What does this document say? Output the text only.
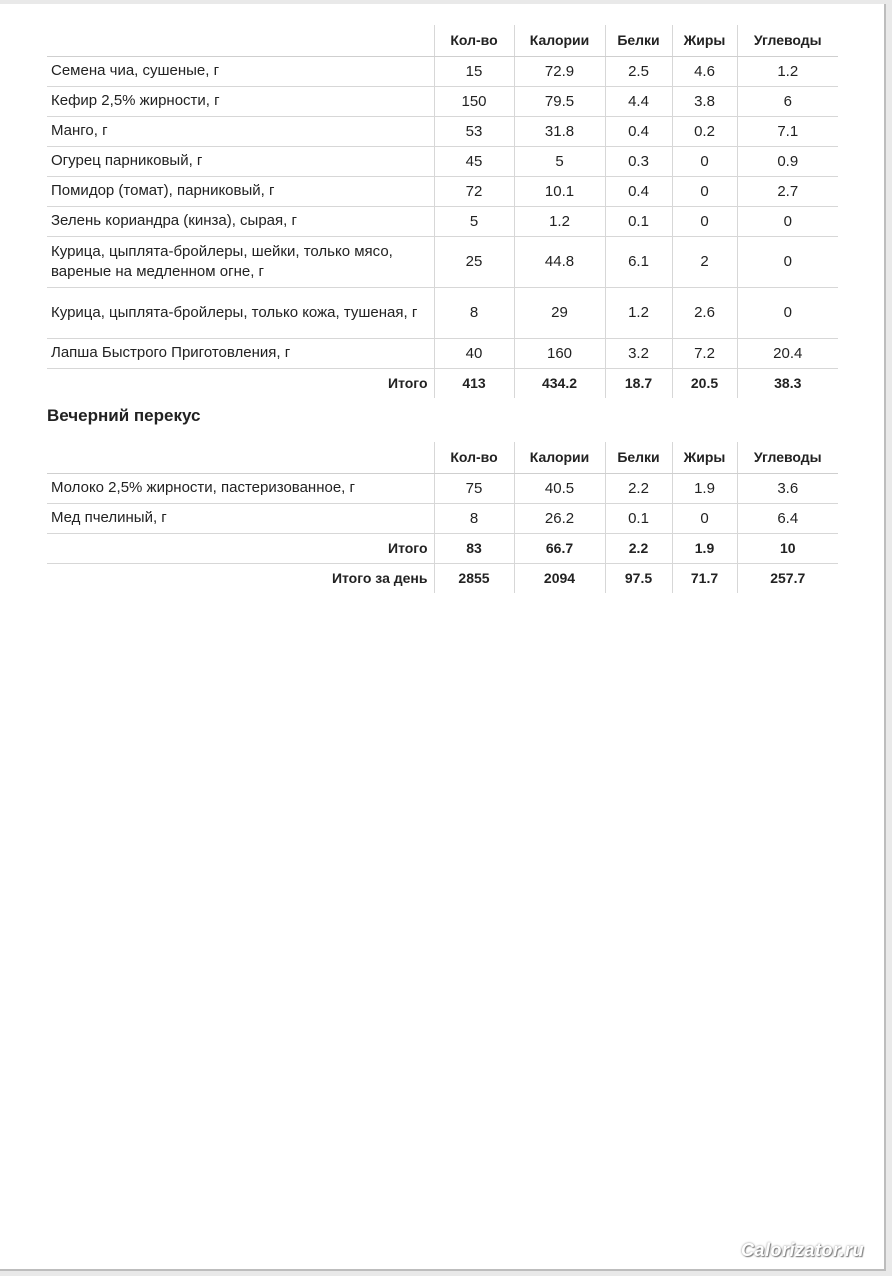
	Кол-во	Калории	Белки	Жиры	Углеводы
Семена чиа, сушеные, г	15	72.9	2.5	4.6	1.2
Кефир 2,5% жирности, г	150	79.5	4.4	3.8	6
Манго, г	53	31.8	0.4	0.2	7.1
Огурец парниковый, г	45	5	0.3	0	0.9
Помидор (томат), парниковый, г	72	10.1	0.4	0	2.7
Зелень кориандра (кинза), сырая, г	5	1.2	0.1	0	0
Курица, цыплята-бройлеры, шейки, только мясо, вареные на медленном огне, г	25	44.8	6.1	2	0
Курица, цыплята-бройлеры, только кожа, тушеная, г	8	29	1.2	2.6	0
Лапша Быстрого Приготовления, г	40	160	3.2	7.2	20.4
Итого	413	434.2	18.7	20.5	38.3
Вечерний перекус
	Кол-во	Калории	Белки	Жиры	Углеводы
Молоко 2,5% жирности, пастеризованное, г	75	40.5	2.2	1.9	3.6
Мед пчелиный, г	8	26.2	0.1	0	6.4
Итого	83	66.7	2.2	1.9	10
Итого за день	2855	2094	97.5	71.7	257.7
Calorizator.ru
